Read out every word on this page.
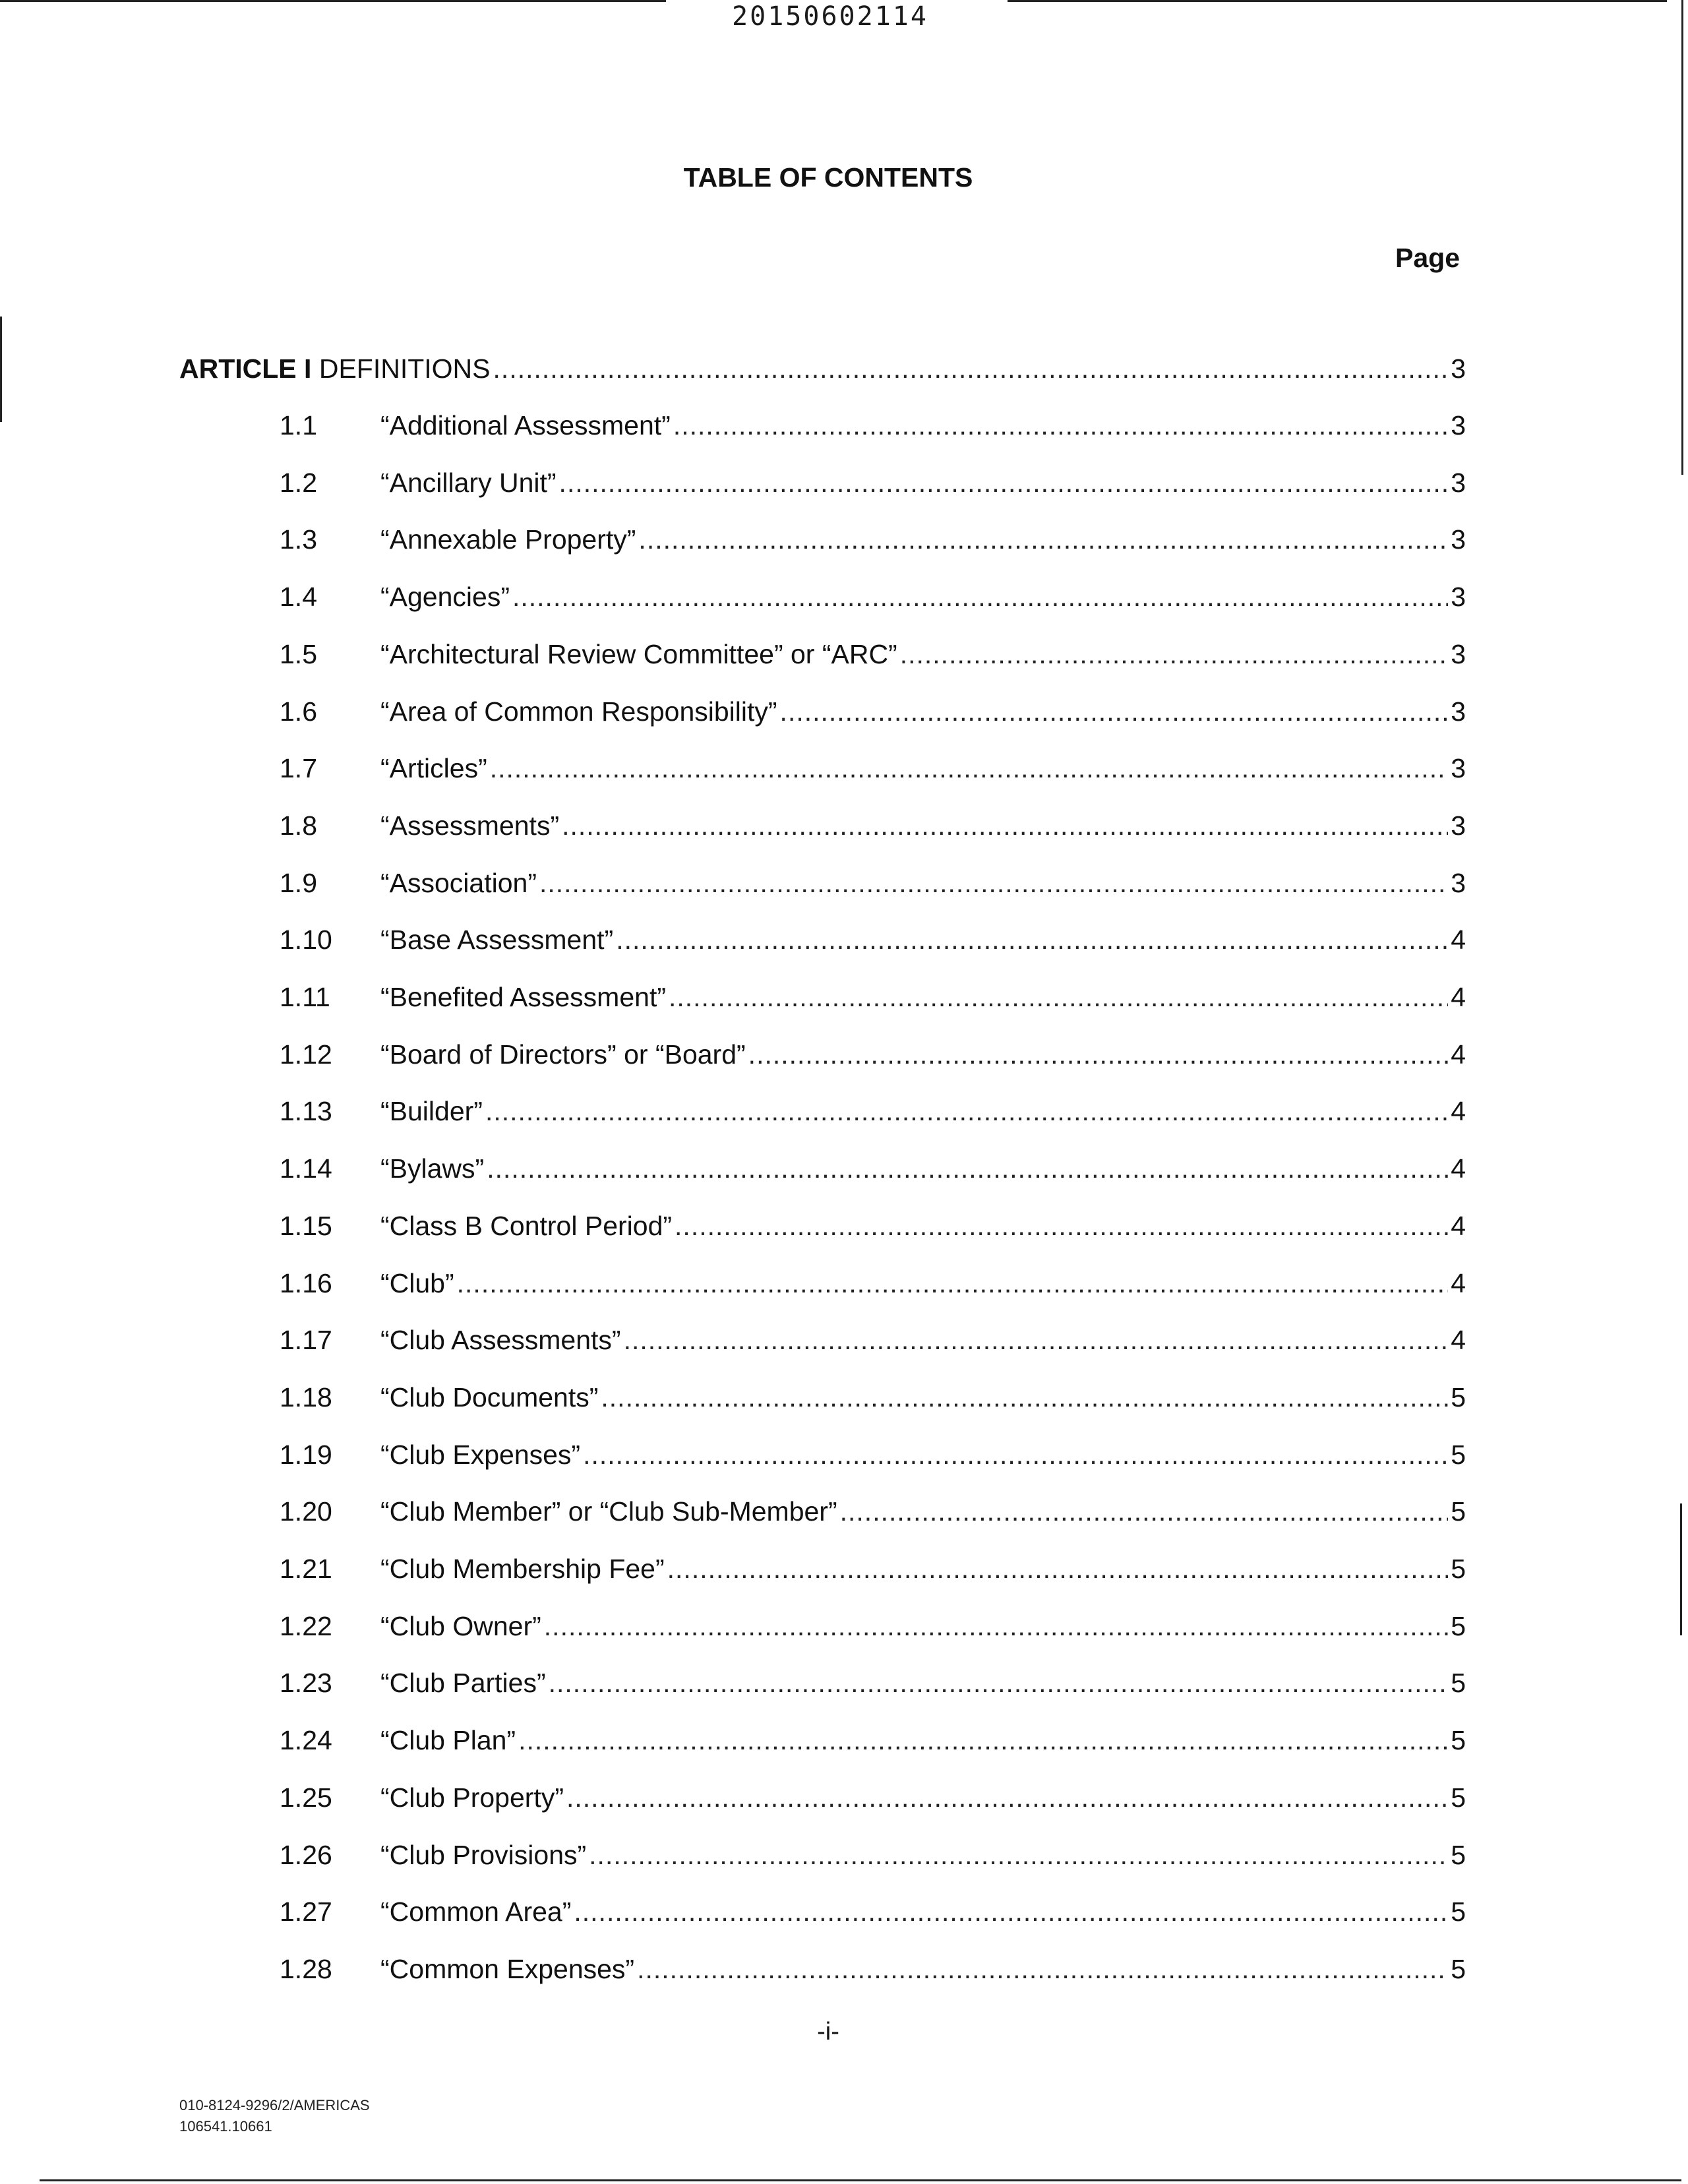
20150602114
TABLE OF CONTENTS
Page
ARTICLE I DEFINITIONS .....	3
1.1	“Additional Assessment” .....	3
1.2	“Ancillary Unit” .....	3
1.3	“Annexable Property” .....	3
1.4	“Agencies” .....	3
1.5	“Architectural Review Committee” or “ARC” .....	3
1.6	“Area of Common Responsibility” .....	3
1.7	“Articles” .....	3
1.8	“Assessments” .....	3
1.9	“Association” .....	3
1.10	“Base Assessment” .....	4
1.11	“Benefited Assessment” .....	4
1.12	“Board of Directors” or “Board” .....	4
1.13	“Builder” .....	4
1.14	“Bylaws” .....	4
1.15	“Class B Control Period” .....	4
1.16	“Club” .....	4
1.17	“Club Assessments” .....	4
1.18	“Club Documents” .....	5
1.19	“Club Expenses” .....	5
1.20	“Club Member” or “Club Sub-Member” .....	5
1.21	“Club Membership Fee” .....	5
1.22	“Club Owner” .....	5
1.23	“Club Parties” .....	5
1.24	“Club Plan” .....	5
1.25	“Club Property” .....	5
1.26	“Club Provisions” .....	5
1.27	“Common Area” .....	5
1.28	“Common Expenses” .....	5
-i-
010-8124-9296/2/AMERICAS
106541.10661
